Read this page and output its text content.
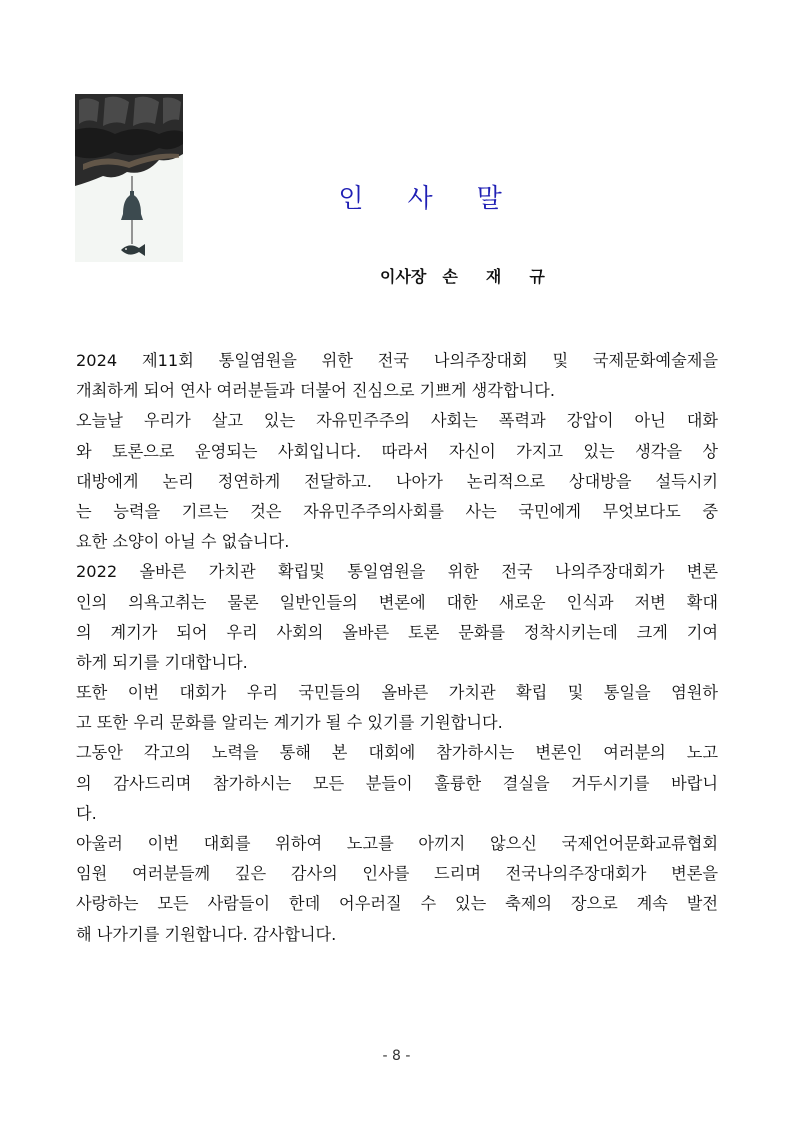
인 사 말
이사장 손 재 규
2024 제11회 통일염원을 위한 전국 나의주장대회 및 국제문화예술제을
개최하게 되어 연사 여러분들과 더불어 진심으로 기쁘게 생각합니다.
오늘날 우리가 살고 있는 자유민주주의 사회는 폭력과 강압이 아닌 대화
와 토론으로 운영되는 사회입니다. 따라서 자신이 가지고 있는 생각을 상
대방에게 논리 정연하게 전달하고. 나아가 논리적으로 상대방을 설득시키
는 능력을 기르는 것은 자유민주주의사회를 사는 국민에게 무엇보다도 중
요한 소양이 아닐 수 없습니다.
2022 올바른 가치관 확립및 통일염원을 위한 전국 나의주장대회가 변론
인의 의욕고취는 물론 일반인들의 변론에 대한 새로운 인식과 저변 확대
의 계기가 되어 우리 사회의 올바른 토론 문화를 정착시키는데 크게 기여
하게 되기를 기대합니다.
또한 이번 대회가 우리 국민들의 올바른 가치관 확립 및 통일을 염원하
고 또한 우리 문화를 알리는 계기가 될 수 있기를 기원합니다.
그동안 각고의 노력을 통해 본 대회에 참가하시는 변론인 여러분의 노고
의 감사드리며 참가하시는 모든 분들이 훌륭한 결실을 거두시기를 바랍니
다.
아울러 이번 대회를 위하여 노고를 아끼지 않으신 국제언어문화교류협회
임원 여러분들께 깊은 감사의 인사를 드리며 전국나의주장대회가 변론을
사랑하는 모든 사람들이 한데 어우러질 수 있는 축제의 장으로 계속 발전
해 나가기를 기원합니다. 감사합니다.
- 8 -
